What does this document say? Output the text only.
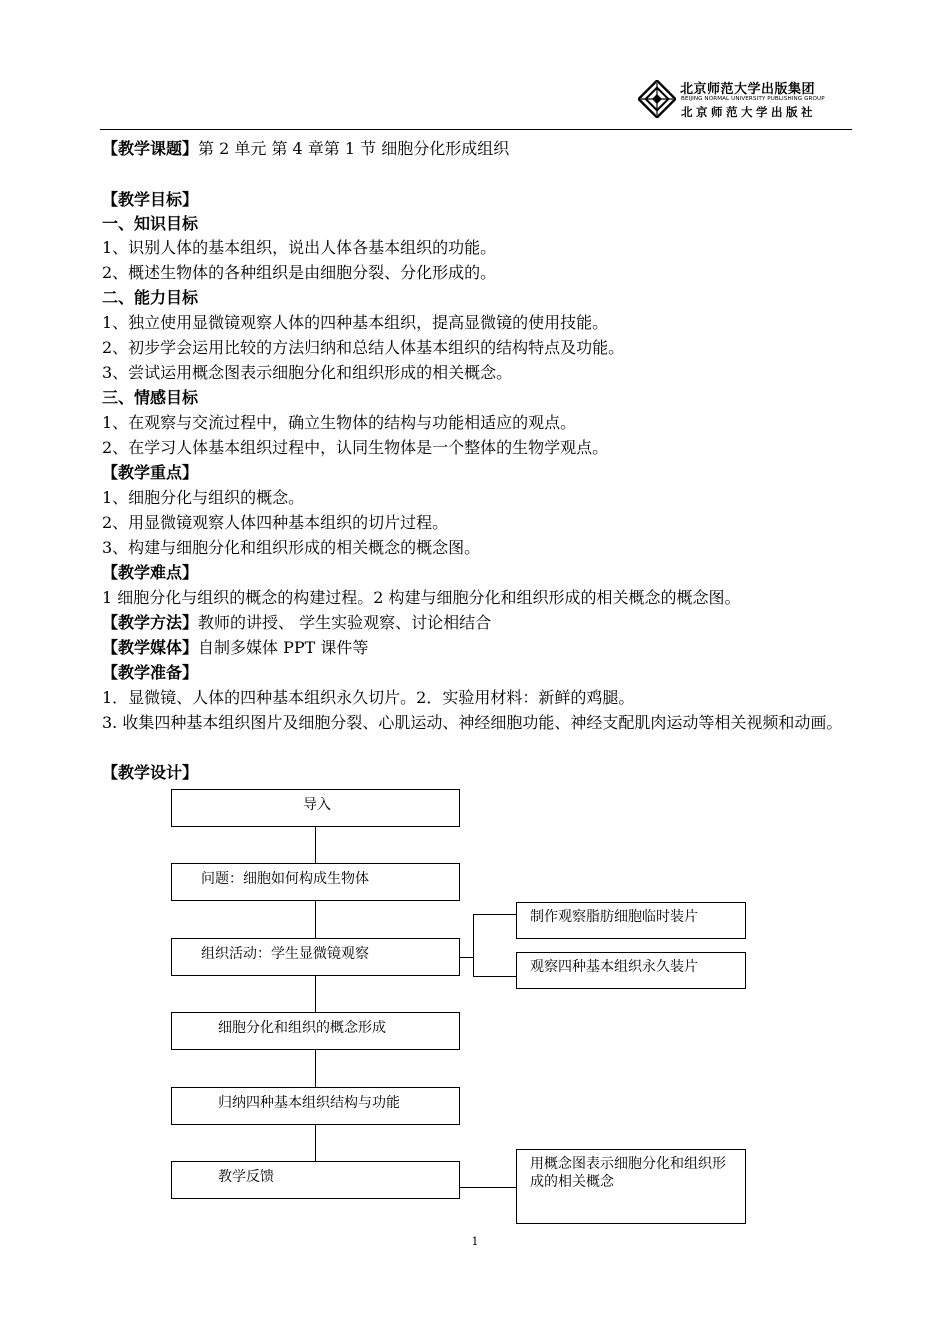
北京师范大学出版集团
BEIJING NORMAL UNIVERSITY PUBLISHING GROUP
北京师范大学出版社
【教学课题】第 2 单元 第 4 章第 1 节 细胞分化形成组织
【教学目标】
一、知识目标
1、识别人体的基本组织，说出人体各基本组织的功能。
2、概述生物体的各种组织是由细胞分裂、分化形成的。
二、能力目标
1、独立使用显微镜观察人体的四种基本组织，提高显微镜的使用技能。
2、初步学会运用比较的方法归纳和总结人体基本组织的结构特点及功能。
3、尝试运用概念图表示细胞分化和组织形成的相关概念。
三、情感目标
1、在观察与交流过程中，确立生物体的结构与功能相适应的观点。
2、在学习人体基本组织过程中，认同生物体是一个整体的生物学观点。
【教学重点】
1、细胞分化与组织的概念。
2、用显微镜观察人体四种基本组织的切片过程。
3、构建与细胞分化和组织形成的相关概念的概念图。
【教学难点】
1 细胞分化与组织的概念的构建过程。2 构建与细胞分化和组织形成的相关概念的概念图。
【教学方法】教师的讲授、 学生实验观察、讨论相结合
【教学媒体】自制多媒体 PPT 课件等
【教学准备】
1．显微镜、人体的四种基本组织永久切片。2．实验用材料：新鲜的鸡腿。
3. 收集四种基本组织图片及细胞分裂、心肌运动、神经细胞功能、神经支配肌肉运动等相关视频和动画。
【教学设计】
导入
问题：细胞如何构成生物体
组织活动：学生显微镜观察
细胞分化和组织的概念形成
归纳四种基本组织结构与功能
教学反馈
制作观察脂肪细胞临时装片
观察四种基本组织永久装片
用概念图表示细胞分化和组织形成的相关概念
1
